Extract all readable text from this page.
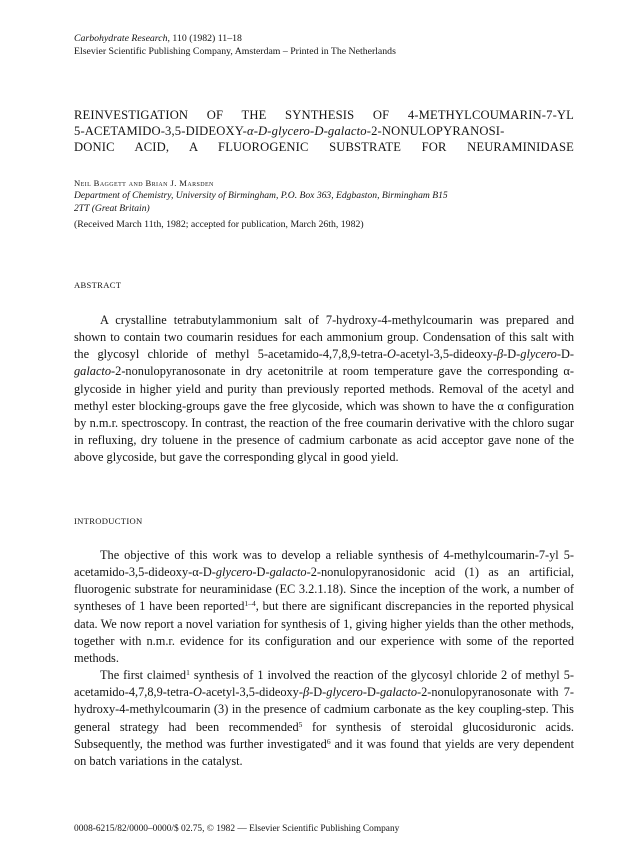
Carbohydrate Research, 110 (1982) 11–18
Elsevier Scientific Publishing Company, Amsterdam – Printed in The Netherlands
REINVESTIGATION OF THE SYNTHESIS OF 4-METHYLCOUMARIN-7-YL
5-ACETAMIDO-3,5-DIDEOXY-α-D-glycero-D-galacto-2-NONULOPYRANOSI-
DONIC ACID, A FLUOROGENIC SUBSTRATE FOR NEURAMINIDASE
Neil Baggett and Brian J. Marsden
Department of Chemistry, University of Birmingham, P.O. Box 363, Edgbaston, Birmingham B15
2TT (Great Britain)
(Received March 11th, 1982; accepted for publication, March 26th, 1982)
ABSTRACT

A crystalline tetrabutylammonium salt of 7-hydroxy-4-methylcoumarin was prepared and shown to contain two coumarin residues for each ammonium group. Condensation of this salt with the glycosyl chloride of methyl 5-acetamido-4,7,8,9-tetra-O-acetyl-3,5-dideoxy-β-D-glycero-D-galacto-2-nonulopyranosonate in dry acetonitrile at room temperature gave the corresponding α-glycoside in higher yield and purity than previously reported methods. Removal of the acetyl and methyl ester blocking-groups gave the free glycoside, which was shown to have the α configuration by n.m.r. spectroscopy. In contrast, the reaction of the free coumarin derivative with the chloro sugar in refluxing, dry toluene in the presence of cadmium carbonate as acid acceptor gave none of the above glycoside, but gave the corresponding glycal in good yield.

INTRODUCTION

The objective of this work was to develop a reliable synthesis of 4-methylcoumarin-7-yl 5-acetamido-3,5-dideoxy-α-D-glycero-D-galacto-2-nonulopyranosidonic acid (1) as an artificial, fluorogenic substrate for neuraminidase (EC 3.2.1.18). Since the inception of the work, a number of syntheses of 1 have been reported$^{1-4}$, but there are significant discrepancies in the reported physical data. We now report a novel variation for synthesis of 1, giving higher yields than the other methods, together with n.m.r. evidence for its configuration and our experience with some of the reported methods.

The first claimed$^1$ synthesis of 1 involved the reaction of the glycosyl chloride 2 of methyl 5-acetamido-4,7,8,9-tetra-O-acetyl-3,5-dideoxy-β-D-glycero-D-galacto-2-nonulopyranosonate with 7-hydroxy-4-methylcoumarin (3) in the presence of cadmium carbonate as the key coupling-step. This general strategy had been recommended$^5$ for synthesis of steroidal glucosiduronic acids. Subsequently, the method was further investigated$^6$ and it was found that yields are very dependent on batch variations in the catalyst.

0008-6215/82/0000–0000/$ 02.75, © 1982 — Elsevier Scientific Publishing Company
